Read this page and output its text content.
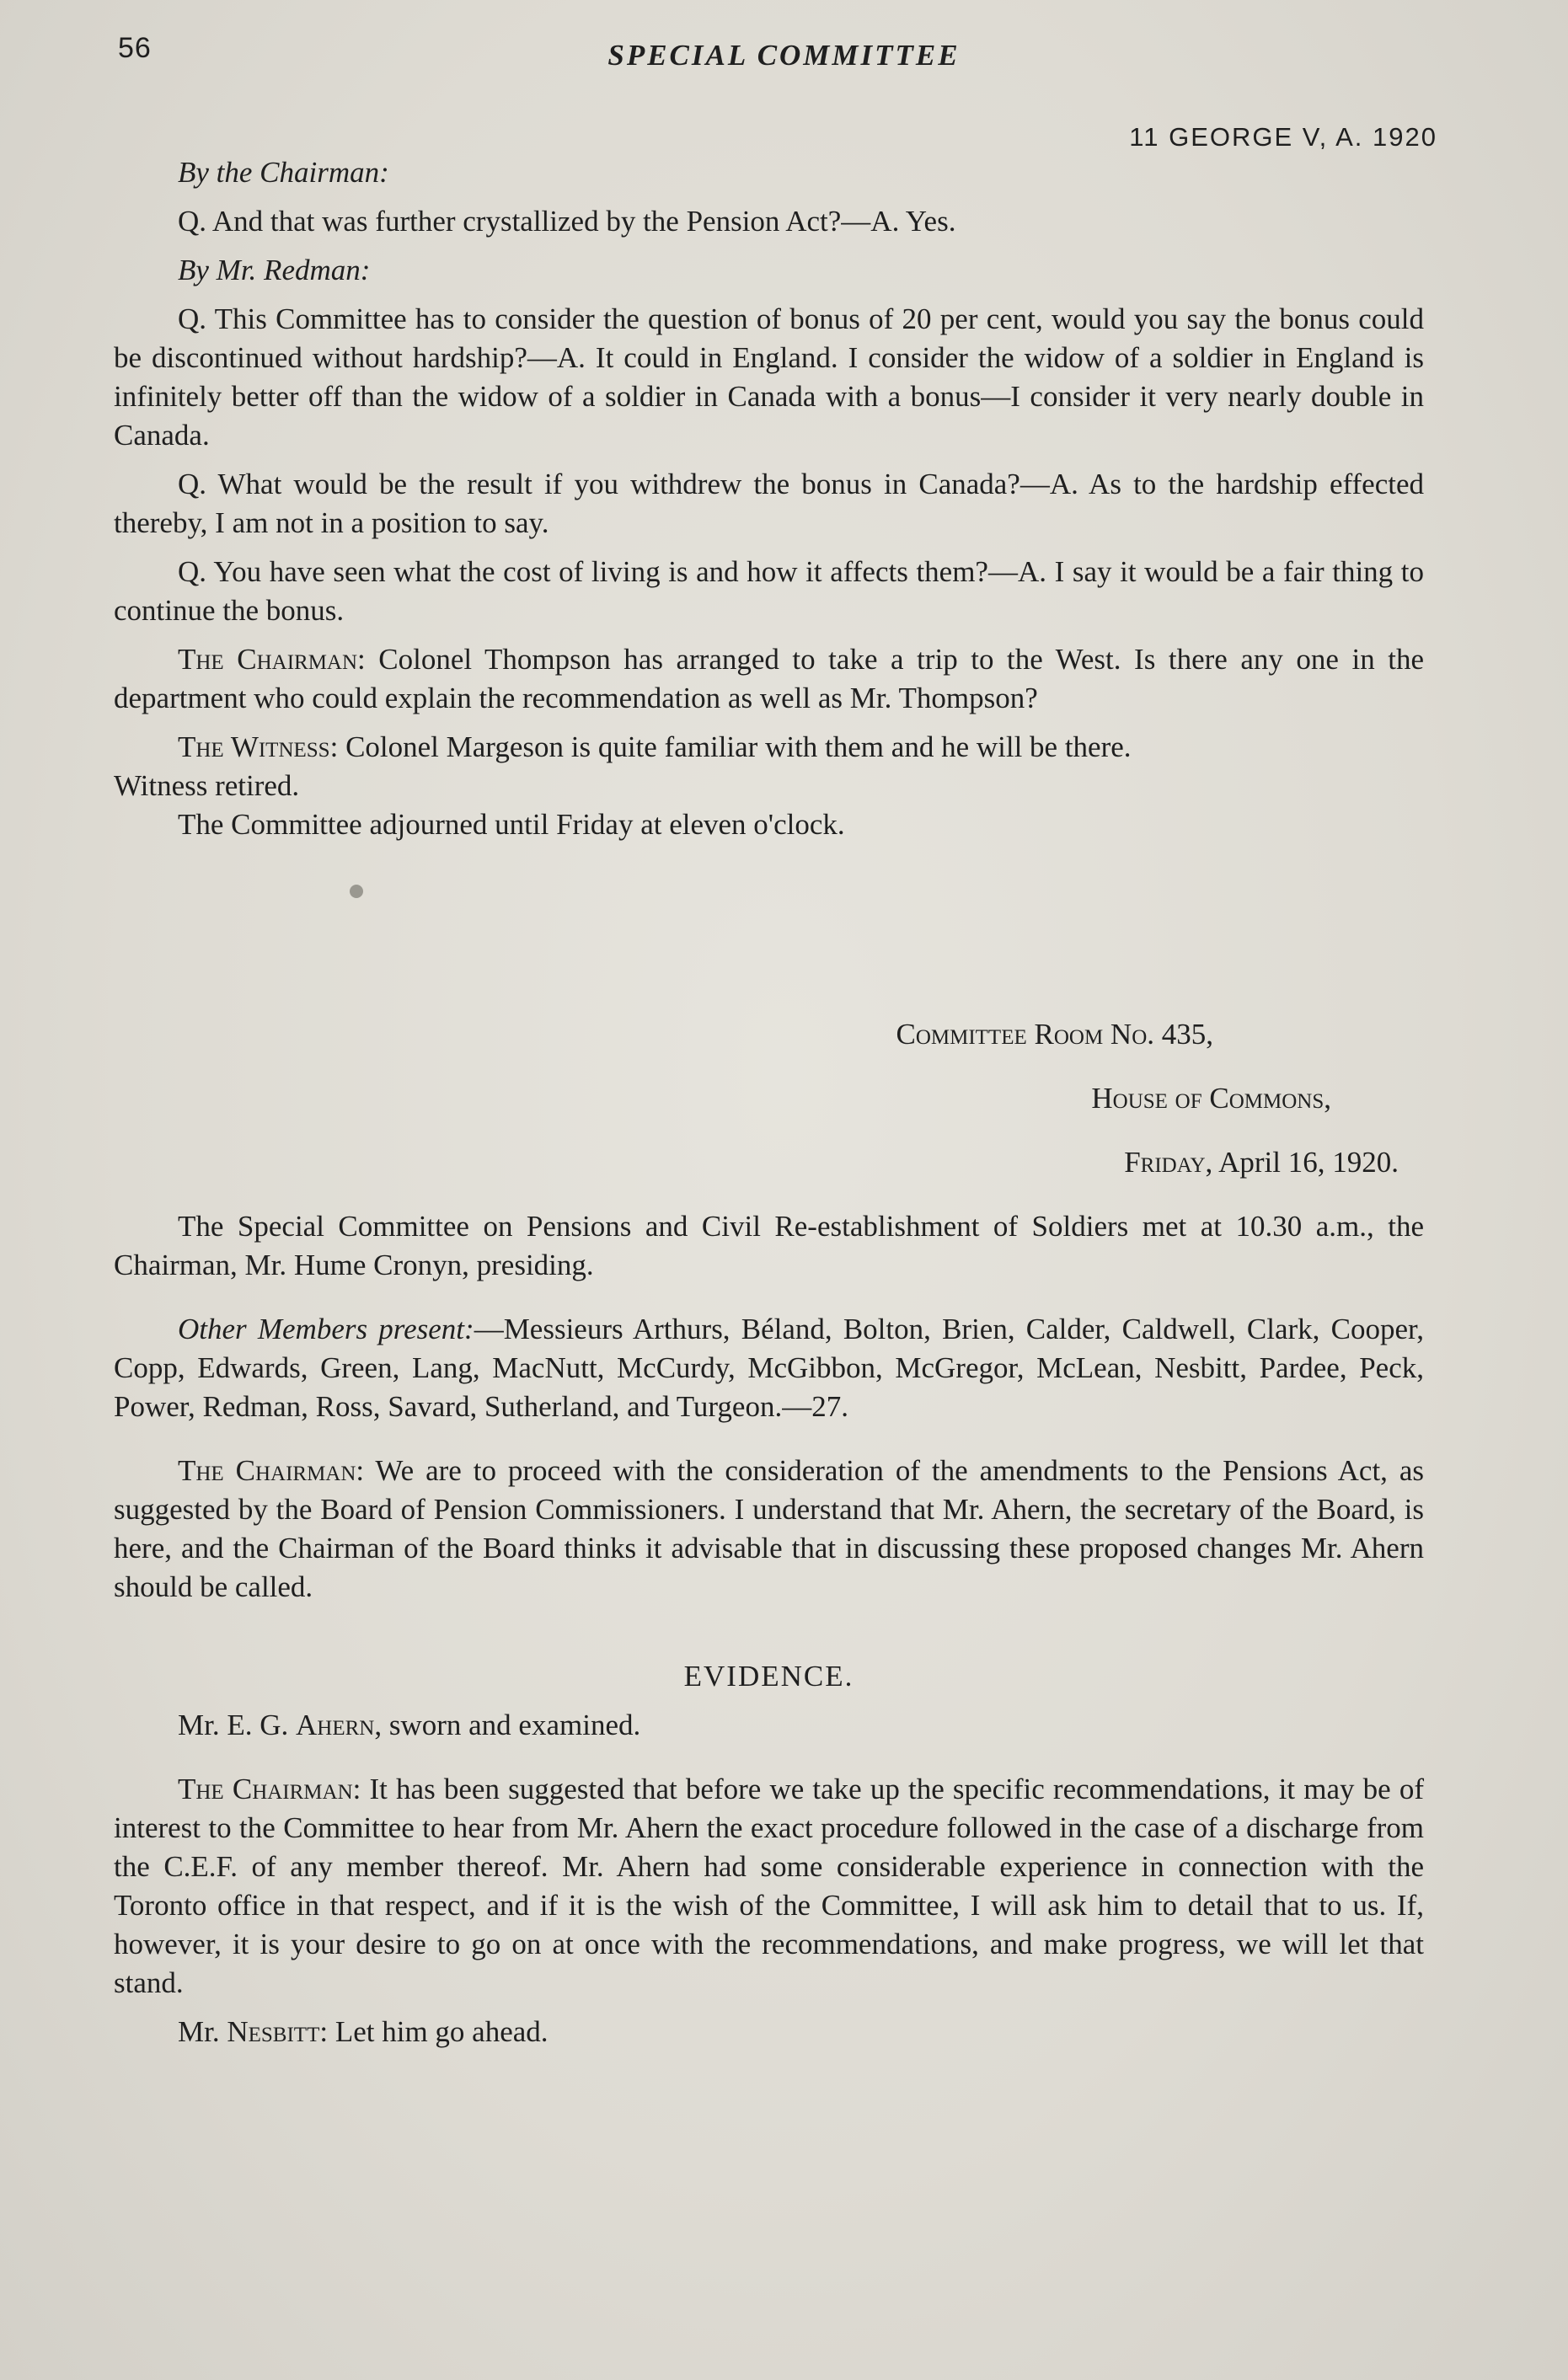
56	SPECIAL COMMITTEE
11 GEORGE V, A. 1920

By the Chairman:

Q. And that was further crystallized by the Pension Act?—A. Yes.

By Mr. Redman:

Q. This Committee has to consider the question of bonus of 20 per cent, would you say the bonus could be discontinued without hardship?—A. It could in England. I consider the widow of a soldier in England is infinitely better off than the widow of a soldier in Canada with a bonus—I consider it very nearly double in Canada.

Q. What would be the result if you withdrew the bonus in Canada?—A. As to the hardship effected thereby, I am not in a position to say.

Q. You have seen what the cost of living is and how it affects them?—A. I say it would be a fair thing to continue the bonus.

The Chairman: Colonel Thompson has arranged to take a trip to the West. Is there any one in the department who could explain the recommendation as well as Mr. Thompson?

The Witness: Colonel Margeson is quite familiar with them and he will be there.

Witness retired.

The Committee adjourned until Friday at eleven o'clock.

Committee Room No. 435,

House of Commons,

Friday, April 16, 1920.

The Special Committee on Pensions and Civil Re-establishment of Soldiers met at 10.30 a.m., the Chairman, Mr. Hume Cronyn, presiding.

Other Members present:—Messieurs Arthurs, Béland, Bolton, Brien, Calder, Caldwell, Clark, Cooper, Copp, Edwards, Green, Lang, MacNutt, McCurdy, McGibbon, McGregor, McLean, Nesbitt, Pardee, Peck, Power, Redman, Ross, Savard, Sutherland, and Turgeon.—27.

The Chairman: We are to proceed with the consideration of the amendments to the Pensions Act, as suggested by the Board of Pension Commissioners. I understand that Mr. Ahern, the secretary of the Board, is here, and the Chairman of the Board thinks it advisable that in discussing these proposed changes Mr. Ahern should be called.

EVIDENCE.

Mr. E. G. Ahern, sworn and examined.

The Chairman: It has been suggested that before we take up the specific recommendations, it may be of interest to the Committee to hear from Mr. Ahern the exact procedure followed in the case of a discharge from the C.E.F. of any member thereof. Mr. Ahern had some considerable experience in connection with the Toronto office in that respect, and if it is the wish of the Committee, I will ask him to detail that to us. If, however, it is your desire to go on at once with the recommendations, and make progress, we will let that stand.

Mr. Nesbitt: Let him go ahead.
